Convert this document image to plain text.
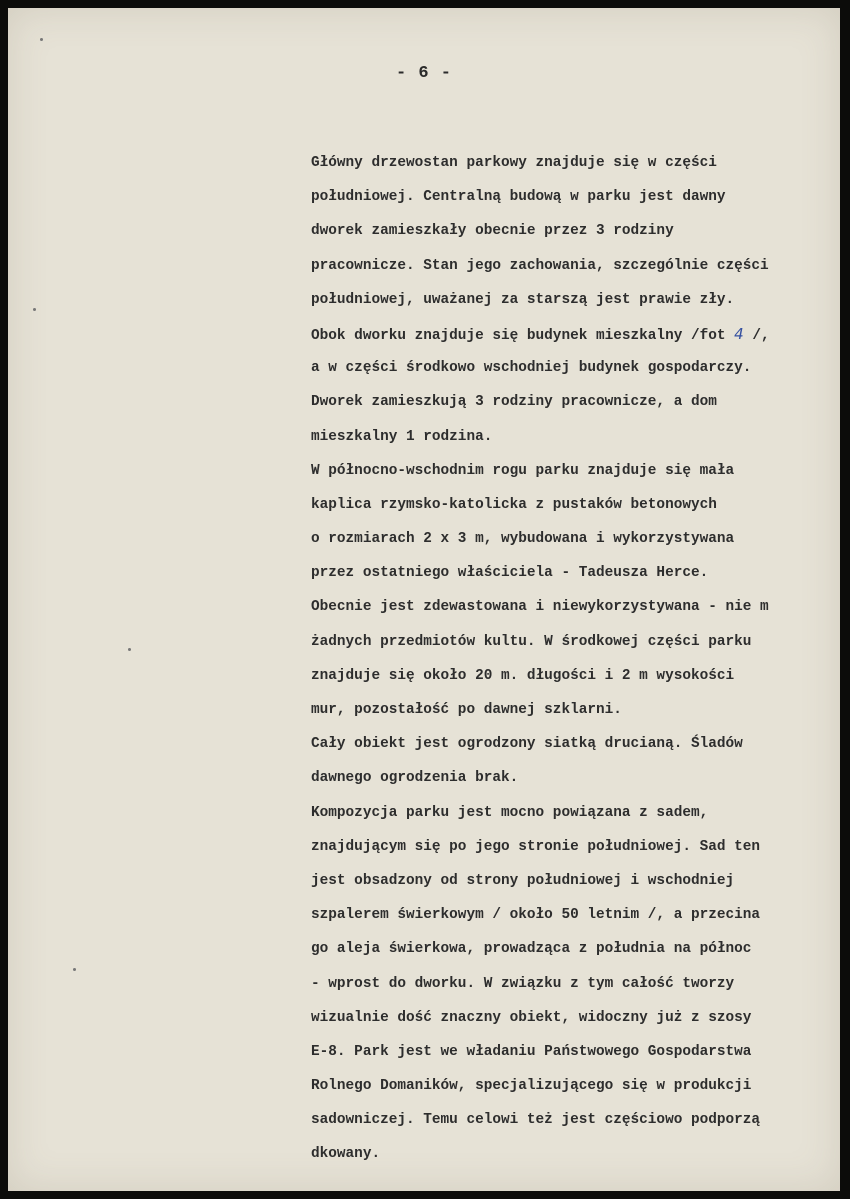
- 6 -
Główny drzewostan parkowy znajduje się w części
południowej. Centralną budową w parku jest dawny
dworek zamieszkały obecnie przez 3 rodziny
pracownicze. Stan jego zachowania, szczególnie części
południowej, uważanej za starszą jest prawie zły.
Obok dworku znajduje się budynek mieszkalny /fot 4 /,
a w części środkowo wschodniej budynek gospodarczy.
Dworek zamieszkują 3 rodziny pracownicze, a dom
mieszkalny 1 rodzina.
W północno-wschodnim rogu parku znajduje się mała
kaplica rzymsko-katolicka z pustaków betonowych
o rozmiarach 2 x 3 m, wybudowana i wykorzystywana
przez ostatniego właściciela - Tadeusza Herce.
Obecnie jest zdewastowana i niewykorzystywana - nie m
żadnych przedmiotów kultu. W środkowej części parku
znajduje się około 20 m. długości i 2 m wysokości
mur, pozostałość po dawnej szklarni.
Cały obiekt jest ogrodzony siatką drucianą. Śladów
dawnego ogrodzenia brak.
Kompozycja parku jest mocno powiązana z sadem,
znajdującym się po jego stronie południowej. Sad ten
jest obsadzony od strony południowej i wschodniej
szpalerem świerkowym / około 50 letnim /, a przecina
go aleja świerkowa, prowadząca z południa na północ
- wprost do dworku. W związku z tym całość tworzy
wizualnie dość znaczny obiekt, widoczny już z szosy
E-8. Park jest we władaniu Państwowego Gospodarstwa
Rolnego Domaników, specjalizującego się w produkcji
sadowniczej. Temu celowi też jest częściowo podporzą
dkowany.
